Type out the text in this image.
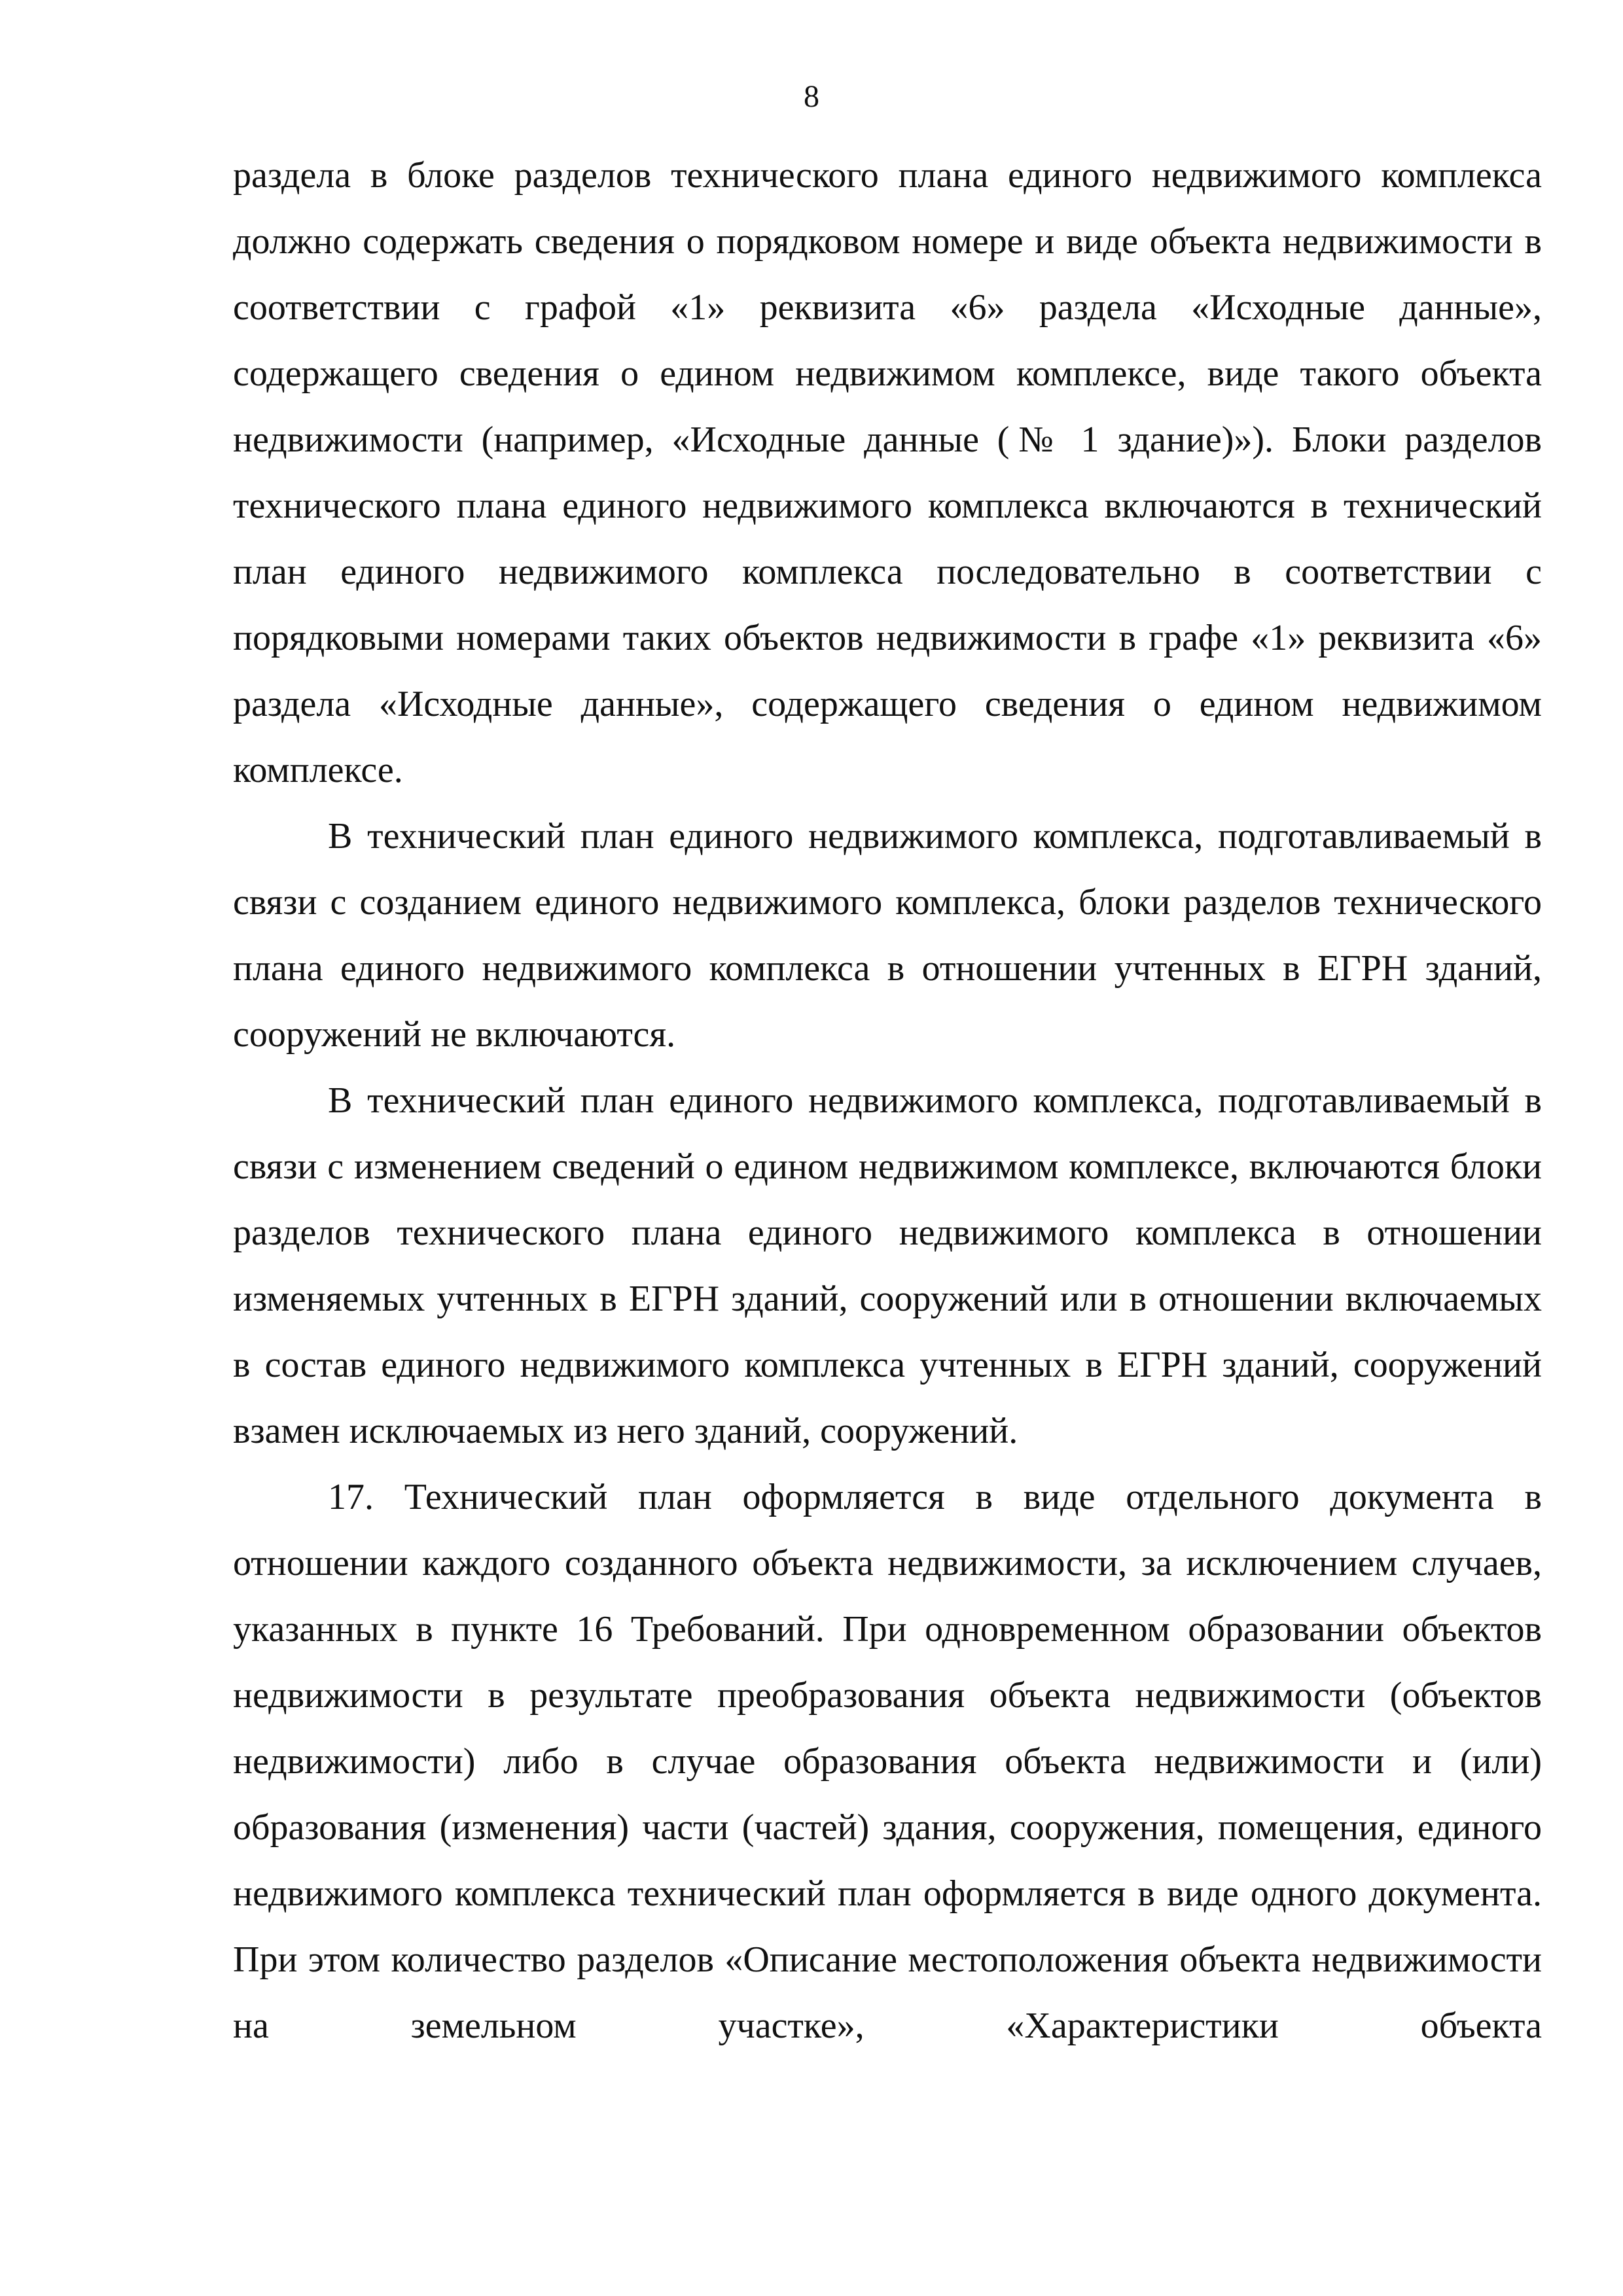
8

раздела в блоке разделов технического плана единого недвижимого комплекса должно содержать сведения о порядковом номере и виде объекта недвижимости в соответствии с графой «1» реквизита «6» раздела «Исходные данные», содержащего сведения о едином недвижимом комплексе, виде такого объекта недвижимости (например, «Исходные данные (№ 1 здание)»). Блоки разделов технического плана единого недвижимого комплекса включаются в технический план единого недвижимого комплекса последовательно в соответствии с порядковыми номерами таких объектов недвижимости в графе «1» реквизита «6» раздела «Исходные данные», содержащего сведения о едином недвижимом комплексе.

В технический план единого недвижимого комплекса, подготавливаемый в связи с созданием единого недвижимого комплекса, блоки разделов технического плана единого недвижимого комплекса в отношении учтенных в ЕГРН зданий, сооружений не включаются.

В технический план единого недвижимого комплекса, подготавливаемый в связи с изменением сведений о едином недвижимом комплексе, включаются блоки разделов технического плана единого недвижимого комплекса в отношении изменяемых учтенных в ЕГРН зданий, сооружений или в отношении включаемых в состав единого недвижимого комплекса учтенных в ЕГРН зданий, сооружений взамен исключаемых из него зданий, сооружений.

17. Технический план оформляется в виде отдельного документа в отношении каждого созданного объекта недвижимости, за исключением случаев, указанных в пункте 16 Требований. При одновременном образовании объектов недвижимости в результате преобразования объекта недвижимости (объектов недвижимости) либо в случае образования объекта недвижимости и (или) образования (изменения) части (частей) здания, сооружения, помещения, единого недвижимого комплекса технический план оформляется в виде одного документа. При этом количество разделов «Описание местоположения объекта недвижимости на земельном участке», «Характеристики объекта
